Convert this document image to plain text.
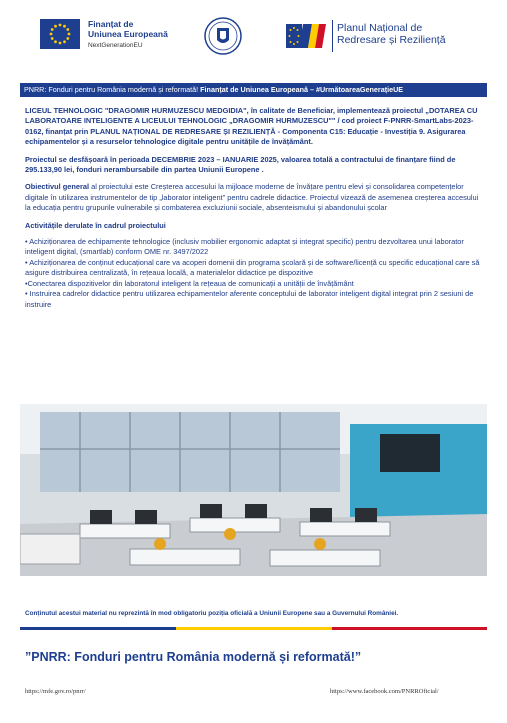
Finanțat de
Uniunea Europeană
NextGenerationEU
Planul Național de
Redresare și Reziliență
PNRR: Fonduri pentru România modernă și reformată! Finanțat de Uniunea Europeană – #UrmătoareaGenerațieUE

LICEUL TEHNOLOGIC "DRAGOMIR HURMUZESCU MEDGIDIA", în calitate de Beneficiar, implementează proiectul „DOTAREA CU LABORATOARE INTELIGENTE A LICEULUI TEHNOLOGIC „DRAGOMIR HURMUZESCU"" / cod proiect F-PNRR-SmartLabs-2023-0162, finanțat prin PLANUL NAȚIONAL DE REDRESARE ȘI REZILIENȚĂ - Componenta C15: Educație - Investiția 9. Asigurarea echipamentelor și a resurselor tehnologice digitale pentru unitățile de învățământ.

Proiectul se desfășoară în perioada DECEMBRIE 2023 – IANUARIE 2025, valoarea totală a contractului de finanțare fiind de 295.133,90 lei, fonduri nerambursabile din partea Uniunii Europene .

Obiectivul general al proiectului este Creșterea accesului la mijloace moderne de învățare pentru elevi și consolidarea competențelor digitale în utilizarea instrumentelor de tip „laborator inteligent" pentru cadrele didactice. Proiectul vizează de asemenea creșterea accesului la educația pentru grupurile vulnerabile și combaterea excluziunii sociale, absenteismului și abandonului școlar

Activitățile derulate în cadrul proiectului
• Achiziționarea de echipamente tehnologice (inclusiv mobilier ergonomic adaptat și integrat specific) pentru dezvoltarea unui laborator inteligent digital, (smartlab) conform OME nr. 3497/2022
• Achiziționarea de conținut educațional care va acoperi domenii din programa școlară și de software/licență cu specific educațional care să asigure distribuirea centralizată, în rețeaua locală, a materialelor didactice pe dispozitive
•Conectarea dispozitivelor din laboratorul inteligent la rețeaua de comunicații a unității de învățământ
• Instruirea cadrelor didactice pentru utilizarea echipamentelor aferente conceptului de laborator inteligent digital integrat prin 2 sesiuni de instruire
Conținutul acestui material nu reprezintă în mod obligatoriu poziția oficială a Uniunii Europene sau a Guvernului României.
”PNRR: Fonduri pentru România modernă și reformată!”
https://mfe.gov.ro/pnrr/	https://www.facebook.com/PNRROficial/
